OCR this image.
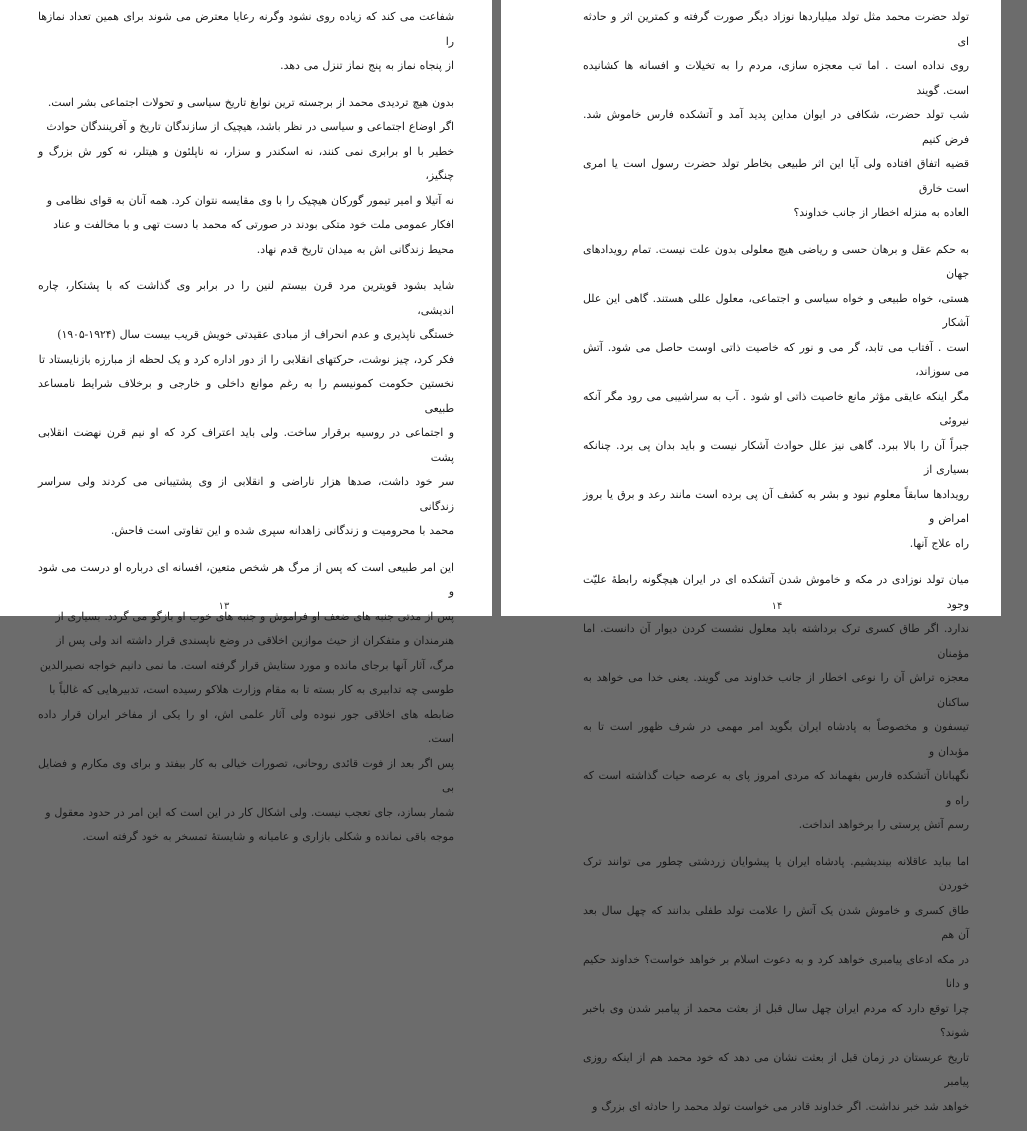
شفاعت می کند که زیاده روی نشود وگرنه رعایا معترض می شوند برای همین تعداد نمازها را
از پنجاه نماز به پنج نماز تنزل می دهد.

بدون هیچ تردیدی محمد از برجسته ترین نوابغ تاریخ سیاسی و تحولات اجتماعی بشر است.
اگر اوضاع اجتماعی و سیاسی در نظر باشد، هیچیک از سازندگان تاریخ و آفرینندگان حوادث
خطیر با او برابری نمی کنند، نه اسکندر و سزار، نه ناپلئون و هیتلر، نه کور ش بزرگ و چنگیز،
نه آتیلا و امیر تیمور گورکان هیچیک را با وی مقایسه نتوان کرد. همه آنان به قوای نظامی و
افکار عمومی ملت خود متکی بودند در صورتی که محمد با دست تهی و با مخالفت و عناد
محیط زندگانی اش به میدان تاریخ قدم نهاد.

شاید بشود قویترین مرد قرن بیستم لنین را در برابر وی گذاشت که با پشتکار، چاره اندیشی،
خستگی ناپذیری و عدم انحراف از مبادی عقیدتی خویش قریب بیست سال (۱۹۲۴-۱۹۰۵)
فکر کرد، چیز نوشت، حرکتهای انقلابی را از دور اداره کرد و یک لحظه از مبارزه بازنایستاد تا
نخستین حکومت کمونیسم را به رغم موانع داخلی و خارجی و برخلاف شرایط نامساعد طبیعی
و اجتماعی در روسیه برقرار ساخت. ولی باید اعتراف کرد که او نیم قرن نهضت انقلابی پشت
سر خود داشت، صدها هزار ناراضی و انقلابی از وی پشتیبانی می کردند ولی سراسر زندگانی
محمد با محرومیت و زندگانی زاهدانه سپری شده و این تفاوتی است فاحش.

این امر طبیعی است که پس از مرگ هر شخص متعین، افسانه ای درباره او درست می شود و
پس از مدتی جنبه های ضعف او فراموش و جنبه های خوب او بازگو می گردد. بسیاری از
هنرمندان و متفکران از حیث موازین اخلاقی در وضع ناپسندی قرار داشته اند ولی پس از
مرگ، آثار آنها برجای مانده و مورد ستایش قرار گرفته است. ما نمی دانیم خواجه نصیرالدین
طوسی چه تدابیری به کار بسته تا به مقام وزارت هلاکو رسیده است، تدبیرهایی که غالباً با
ضابطه های اخلاقی جور نبوده ولی آثار علمی اش، او را یکی از مفاخر ایران قرار داده است.
پس اگر بعد از فوت قائدی روحانی، تصورات خیالی به کار بیفتد و برای وی مکارم و فضایل بی
شمار بسازد، جای تعجب نیست. ولی اشکال کار در این است که این امر در حدود معقول و
موجه باقی نمانده و شکلی بازاری و عامیانه و شایستهٔ تمسخر به خود گرفته است.

۱۳

تولد حضرت محمد مثل تولد میلیاردها نوزاد دیگر صورت گرفته و کمترین اثر و حادثه ای
روی نداده است . اما تب معجزه سازی، مردم را به تخیلات و افسانه ها کشانیده است. گویند
شب تولد حضرت، شکافی در ایوان مداین پدید آمد و آتشکده فارس خاموش شد. فرض کنیم
قضیه اتفاق افتاده ولی آیا این اثر طبیعی بخاطر تولد حضرت رسول است یا امری است خارق
العاده به منزله اخطار از جانب خداوند؟

به حکم عقل و برهان حسی و ریاضی هیچ معلولی بدون علت نیست. تمام رویدادهای جهان
هستی، خواه طبیعی و خواه سیاسی و اجتماعی، معلول عللی هستند. گاهی این علل آشکار
است . آفتاب می تابد، گر می و نور که خاصیت ذاتی اوست حاصل می شود. آتش می سوزاند،
مگر اینکه عایقی مؤثر مانع خاصیت ذاتی او شود . آب به سراشیبی می رود مگر آنکه نیروئی
جبراً آن را بالا ببرد. گاهی نیز علل حوادث آشکار نیست و باید بدان پی برد. چنانکه بسیاری از
رویدادها سابقاً معلوم نبود و بشر به کشف آن پی برده است مانند رعد و برق یا بروز امراض و
راه علاج آنها.

میان تولد نوزادی در مکه و خاموش شدن آتشکده ای در ایران هیچگونه رابطهٔ علیّت وجود
ندارد. اگر طاق کسری ترک برداشته باید معلول نشست کردن دیوار آن دانست. اما مؤمنان
معجزه تراش آن را نوعی اخطار از جانب خداوند می گویند. یعنی خدا می خواهد به ساکنان
تیسفون و مخصوصاً به پادشاه ایران بگوید امر مهمی در شرف ظهور است تا به مؤبدان و
نگهبانان آتشکده فارس بفهماند که مردی امروز پای به عرصه حیات گذاشته است که راه و
رسم آتش پرستی را برخواهد انداخت.

اما بباید عاقلانه بیندیشیم. پادشاه ایران یا پیشوایان زردشتی چطور می توانند ترک خوردن
طاق کسری و خاموش شدن یک آتش را علامت تولد طفلی بدانند که چهل سال بعد آن هم
در مکه ادعای پیامبری خواهد کرد و به دعوت اسلام بر خواهد خواست؟ خداوند حکیم و دانا
چرا توقع دارد که مردم ایران چهل سال قبل از بعثت محمد از پیامبر شدن وی باخبر شوند؟
تاریخ عربستان در زمان قبل از بعثت نشان می دهد که خود محمد هم از اینکه روزی پیامبر
خواهد شد خبر نداشت. اگر خداوند قادر می خواست تولد محمد را حادثه ای بزرگ و

۱۴
